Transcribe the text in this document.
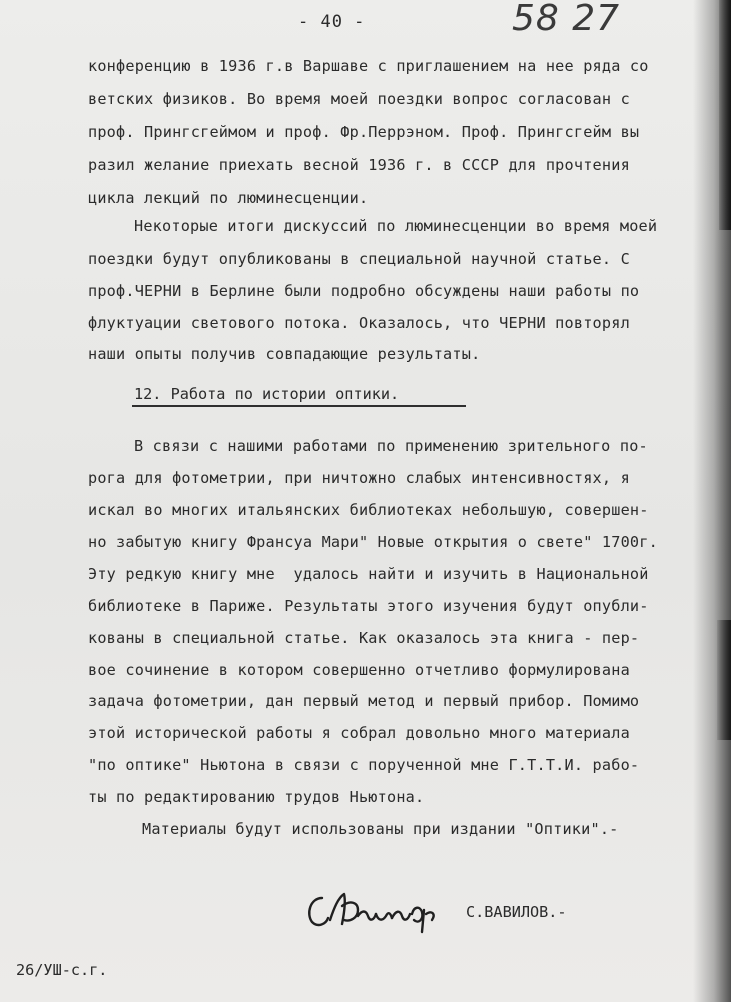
- 40 -	58 27
конференцию в 1936 г.в Варшаве с приглашением на нее ряда со
ветских физиков. Во время моей поездки вопрос согласован с
проф. Прингсгеймом и проф. Фр.Перрэном. Проф. Прингсгейм вы
разил желание приехать весной 1936 г. в СССР для прочтения
цикла лекций по люминесценции.
Некоторые итоги дискуссий по люминесценции во время моей
поездки будут опубликованы в специальной научной статье. С
проф.ЧЕРНИ в Берлине были подробно обсуждены наши работы по
флуктуации светового потока. Оказалось, что ЧЕРНИ повторял
наши опыты получив совпадающие результаты.
12. Работа по истории оптики.
В связи с нашими работами по применению зрительного по-
рога для фотометрии, при ничтожно слабых интенсивностях, я
искал во многих итальянских библиотеках небольшую, совершен-
но забытую книгу Франсуа Мари" Новые открытия о свете" 1700г.
Эту редкую книгу мне  удалось найти и изучить в Национальной
библиотеке в Париже. Результаты этого изучения будут опубли-
кованы в специальной статье. Как оказалось эта книга - пер-
вое сочинение в котором совершенно отчетливо формулирована
задача фотометрии, дан первый метод и первый прибор. Помимо
этой исторической работы я собрал довольно много материала
"по оптике" Ньютона в связи с порученной мне Г.Т.Т.И. рабо-
ты по редактированию трудов Ньютона.
Материалы будут использованы при издании "Оптики".-
С.ВАВИЛОВ.-
26/УШ-с.г.
